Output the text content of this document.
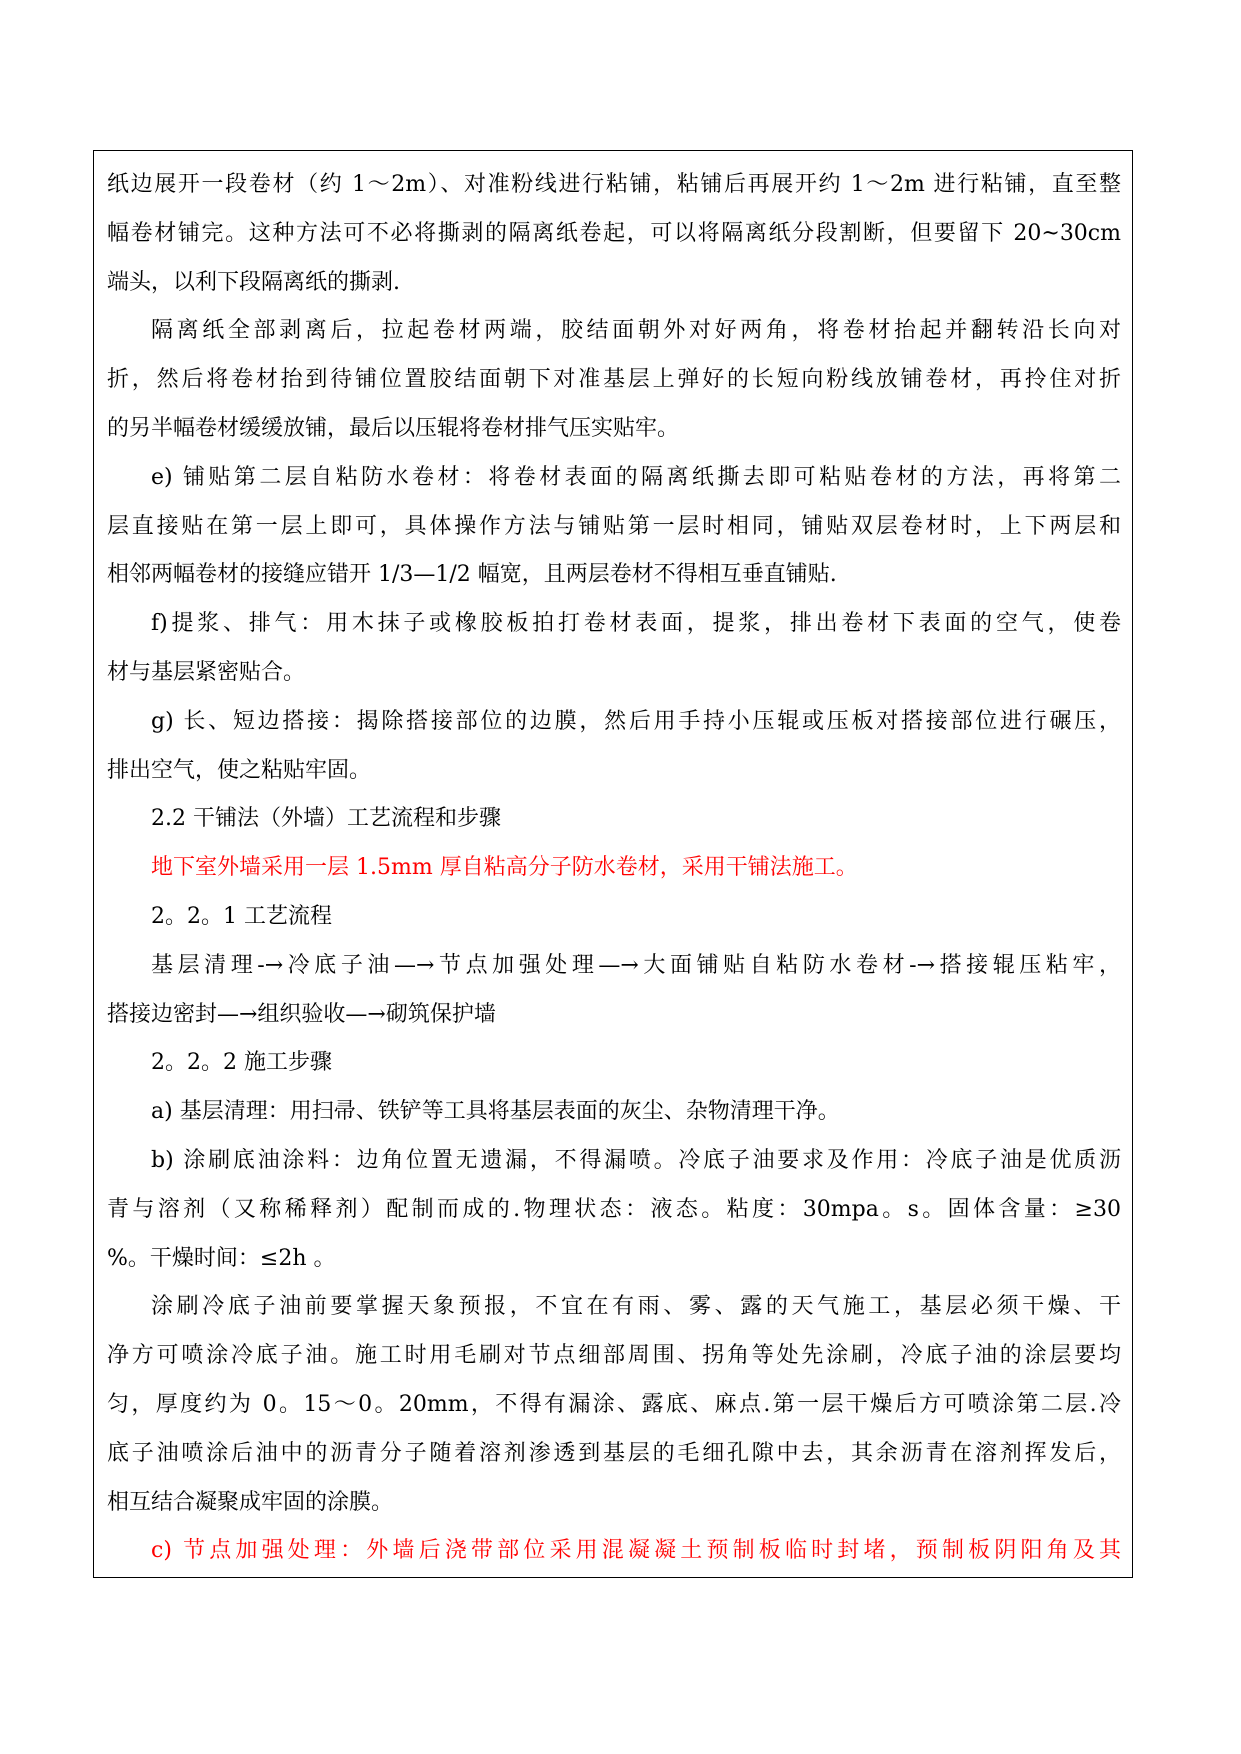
纸边展开一段卷材（约 1～2m）、对准粉线进行粘铺，粘铺后再展开约 1～2m 进行粘铺，直至整
幅卷材铺完。这种方法可不必将撕剥的隔离纸卷起，可以将隔离纸分段割断，但要留下 20~30cm
端头，以利下段隔离纸的撕剥.
隔离纸全部剥离后，拉起卷材两端，胶结面朝外对好两角，将卷材抬起并翻转沿长向对
折，然后将卷材抬到待铺位置胶结面朝下对准基层上弹好的长短向粉线放铺卷材，再拎住对折
的另半幅卷材缓缓放铺，最后以压辊将卷材排气压实贴牢。
e) 铺贴第二层自粘防水卷材：将卷材表面的隔离纸撕去即可粘贴卷材的方法，再将第二
层直接贴在第一层上即可，具体操作方法与铺贴第一层时相同，铺贴双层卷材时，上下两层和
相邻两幅卷材的接缝应错开 1/3—1/2 幅宽，且两层卷材不得相互垂直铺贴.
f)提浆、排气：用木抹子或橡胶板拍打卷材表面，提浆，排出卷材下表面的空气，使卷
材与基层紧密贴合。
g) 长、短边搭接：揭除搭接部位的边膜，然后用手持小压辊或压板对搭接部位进行碾压，
排出空气，使之粘贴牢固。
2.2 干铺法（外墙）工艺流程和步骤
地下室外墙采用一层 1.5mm 厚自粘高分子防水卷材，采用干铺法施工。
2。2。1 工艺流程
基层清理-→冷底子油—→节点加强处理—→大面铺贴自粘防水卷材-→搭接辊压粘牢，
搭接边密封—→组织验收—→砌筑保护墙
2。2。2 施工步骤
a) 基层清理：用扫帚、铁铲等工具将基层表面的灰尘、杂物清理干净。
b) 涂刷底油涂料：边角位置无遗漏，不得漏喷。冷底子油要求及作用：冷底子油是优质沥
青与溶剂（又称稀释剂）配制而成的.物理状态：液态。粘度：30mpa。s。固体含量：≥30
%。干燥时间：≤2h 。
涂刷冷底子油前要掌握天象预报，不宜在有雨、雾、露的天气施工，基层必须干燥、干
净方可喷涂冷底子油。施工时用毛刷对节点细部周围、拐角等处先涂刷，冷底子油的涂层要均
匀，厚度约为 0。15～0。20mm，不得有漏涂、露底、麻点.第一层干燥后方可喷涂第二层.冷
底子油喷涂后油中的沥青分子随着溶剂渗透到基层的毛细孔隙中去，其余沥青在溶剂挥发后，
相互结合凝聚成牢固的涂膜。
c) 节点加强处理：外墙后浇带部位采用混凝凝土预制板临时封堵，预制板阴阳角及其
